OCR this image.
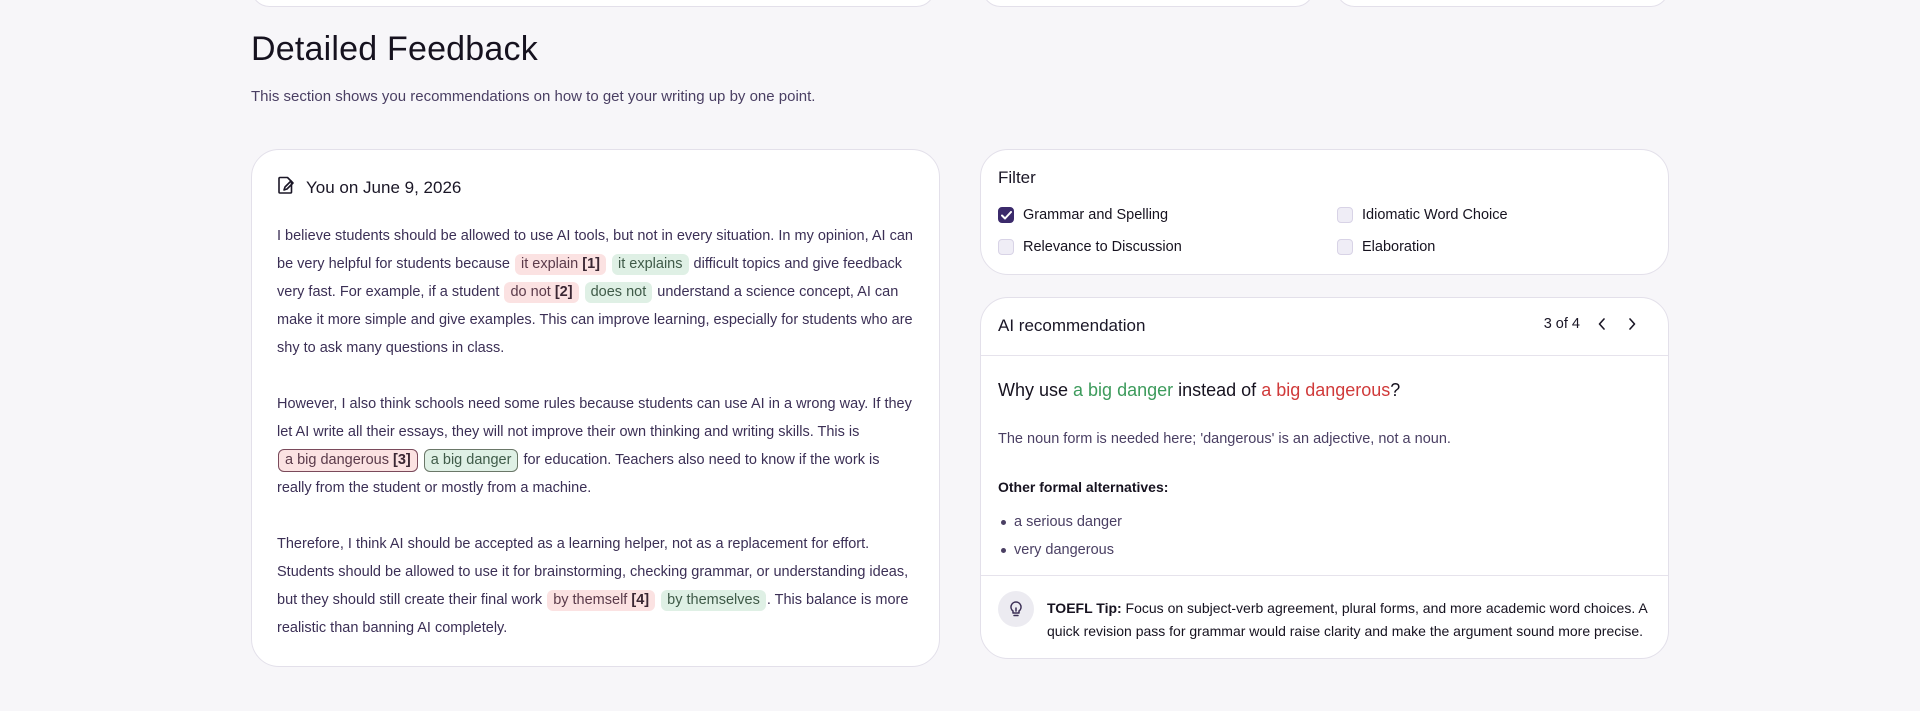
Detailed Feedback
This section shows you recommendations on how to get your writing up by one point.
You on June 9, 2026

I believe students should be allowed to use AI tools, but not in every situation. In my opinion, AI can be very helpful for students because it explain [1] it explains difficult topics and give feedback very fast. For example, if a student do not [2] does not understand a science concept, AI can make it more simple and give examples. This can improve learning, especially for students who are shy to ask many questions in class.

However, I also think schools need some rules because students can use AI in a wrong way. If they let AI write all their essays, they will not improve their own thinking and writing skills. This is a big dangerous [3] a big danger for education. Teachers also need to know if the work is really from the student or mostly from a machine.

Therefore, I think AI should be accepted as a learning helper, not as a replacement for effort. Students should be allowed to use it for brainstorming, checking grammar, or understanding ideas, but they should still create their final work by themself [4] by themselves . This balance is more realistic than banning AI completely.

Filter
Grammar and Spelling	Idiomatic Word Choice
Relevance to Discussion	Elaboration
AI recommendation	3 of 4
Why use a big danger instead of a big dangerous?
The noun form is needed here; 'dangerous' is an adjective, not a noun.
Other formal alternatives:
a serious danger
very dangerous
TOEFL Tip: Focus on subject-verb agreement, plural forms, and more academic word choices. A quick revision pass for grammar would raise clarity and make the argument sound more precise.
